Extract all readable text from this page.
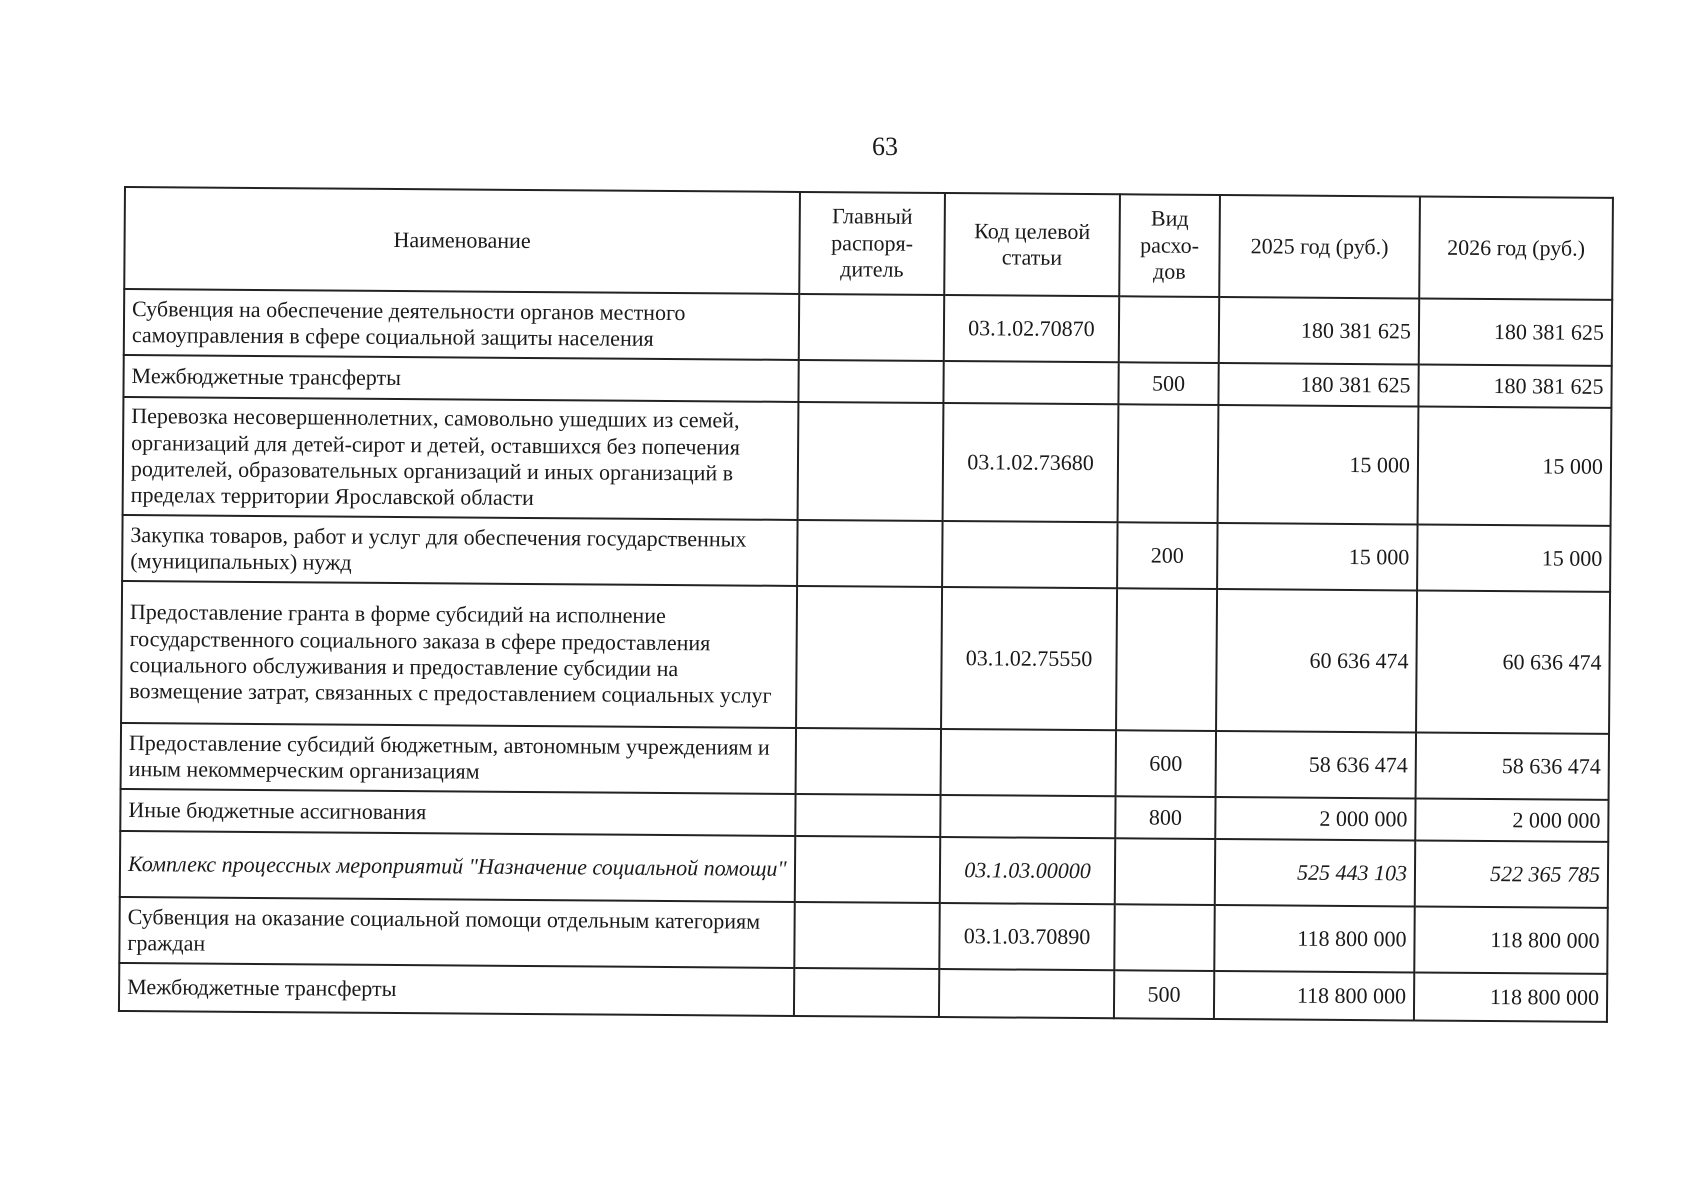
63
Наименование	Главный распоря-дитель	Код целевой статьи	Вид расхо-дов	2025 год (руб.)	2026 год (руб.)
Субвенция на обеспечение деятельности органов местного самоуправления в сфере социальной защиты населения		03.1.02.70870		180 381 625	180 381 625
Межбюджетные трансферты			500	180 381 625	180 381 625
Перевозка несовершеннолетних, самовольно ушедших из семей, организаций для детей-сирот и детей, оставшихся без попечения родителей, образовательных организаций и иных организаций в пределах территории Ярославской области		03.1.02.73680		15 000	15 000
Закупка товаров, работ и услуг для обеспечения государственных (муниципальных) нужд			200	15 000	15 000
Предоставление гранта в форме субсидий на исполнение государственного социального заказа в сфере предоставления социального обслуживания и предоставление субсидии на возмещение затрат, связанных с предоставлением социальных услуг		03.1.02.75550		60 636 474	60 636 474
Предоставление субсидий бюджетным, автономным учреждениям и иным некоммерческим организациям			600	58 636 474	58 636 474
Иные бюджетные ассигнования			800	2 000 000	2 000 000
Комплекс процессных мероприятий "Назначение социальной помощи"		03.1.03.00000		525 443 103	522 365 785
Субвенция на оказание социальной помощи отдельным категориям граждан		03.1.03.70890		118 800 000	118 800 000
Межбюджетные трансферты			500	118 800 000	118 800 000
